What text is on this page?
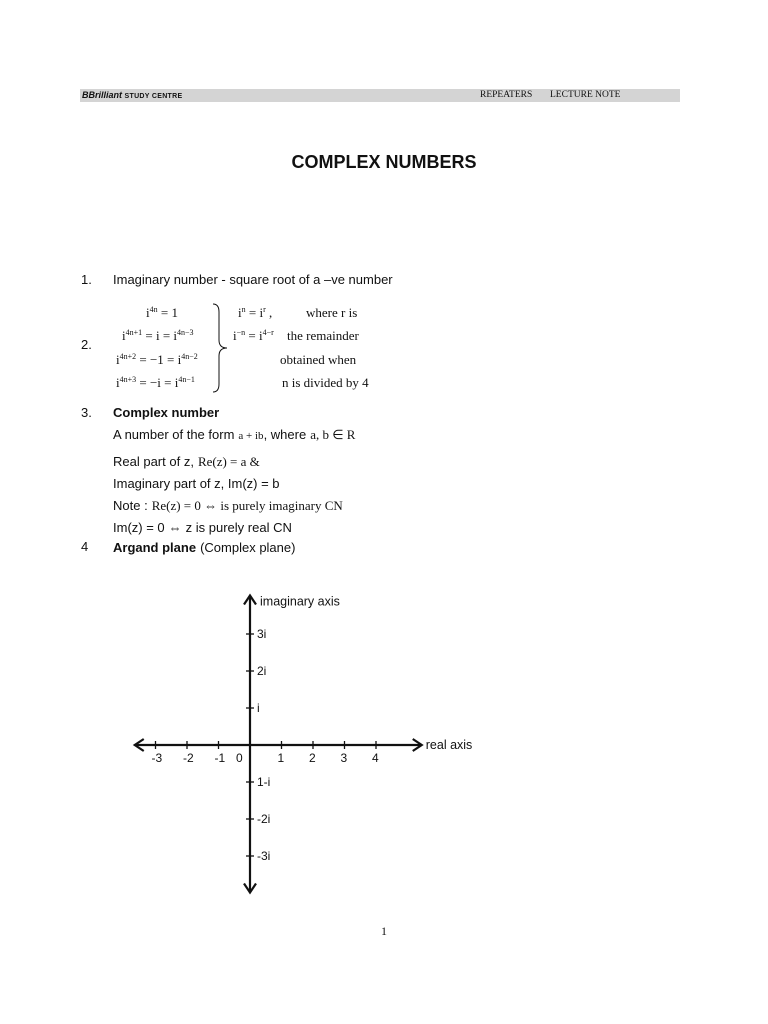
BBrilliant STUDY CENTRE	REPEATERS LECTURE NOTE
COMPLEX NUMBERS
1. Imaginary number - square root of a –ve number
2.
$i^{4n} = 1$
$i^{4n+1} = i = i^{4n-3}$
$i^{4n+2} = -1 = i^{4n-2}$
$i^{4n+3} = -i = i^{4n-1}$
$i^n = i^r$ ,
$i^{-n} = i^{4-r}$
where r is
the remainder
obtained when
n is divided by 4
3. Complex number
A number of the form a + ib, where a, b ∈ R
Real part of z, Re(z) = a &
Imaginary part of z, Im(z) = b
Note : Re(z) = 0 ⇔ is purely imaginary CN
Im(z) = 0 ⇔ z is purely real CN
4 Argand plane (Complex plane)
-3 -2 -1	1 2 3 4
3i
2i
i
1-i
-2i
-3i
real axis
imaginary axis
0
1
